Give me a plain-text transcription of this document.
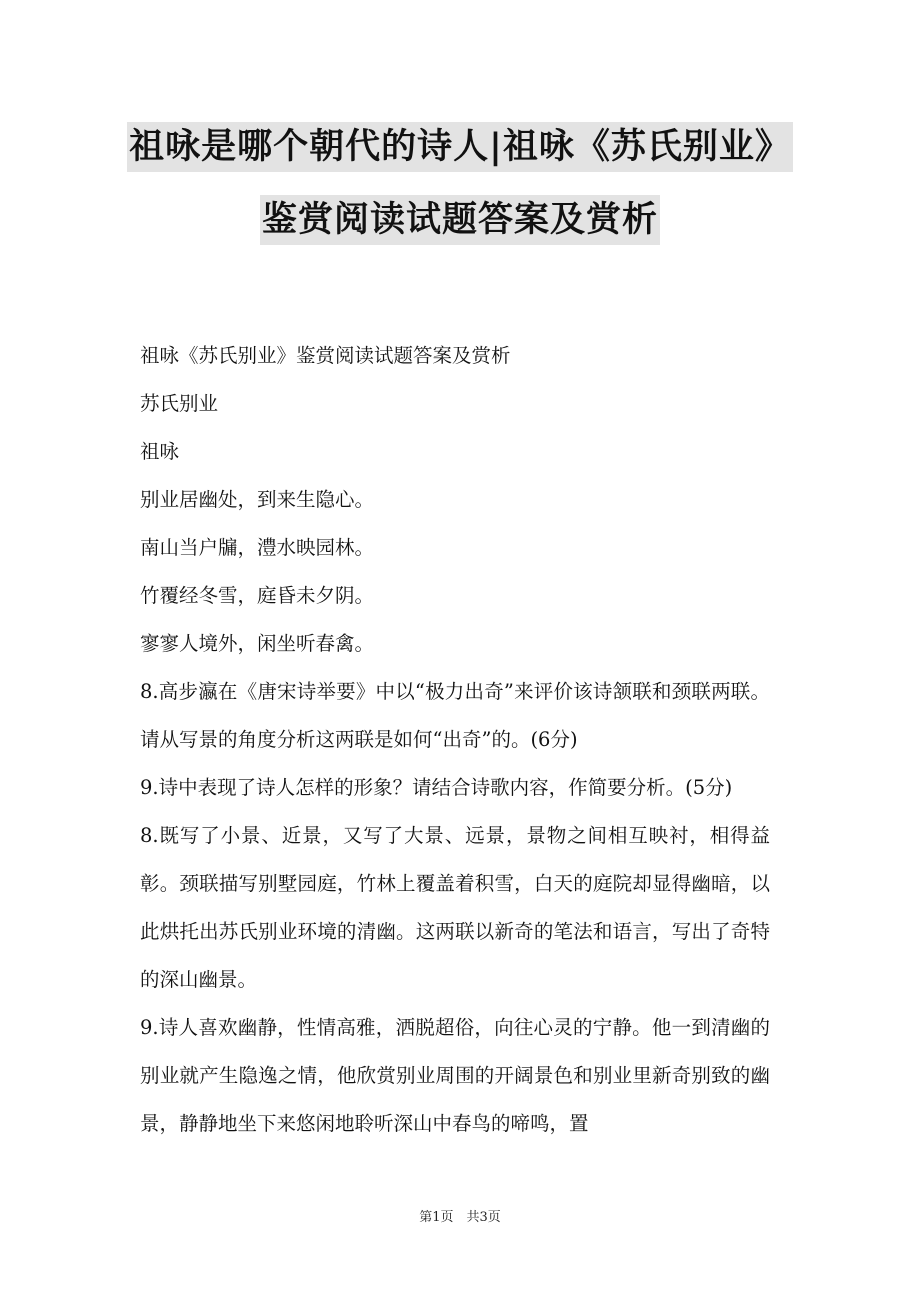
祖咏是哪个朝代的诗人|祖咏《苏氏别业》
鉴赏阅读试题答案及赏析

祖咏《苏氏别业》鉴赏阅读试题答案及赏析

苏氏别业

祖咏

别业居幽处，到来生隐心。

南山当户牖，澧水映园林。

竹覆经冬雪，庭昏未夕阴。

寥寥人境外，闲坐听春禽。

8.高步瀛在《唐宋诗举要》中以“极力出奇”来评价该诗颔联和颈联两联。请从写景的角度分析这两联是如何“出奇”的。(6分)

9.诗中表现了诗人怎样的形象？请结合诗歌内容，作简要分析。(5分)

8.既写了小景、近景，又写了大景、远景，景物之间相互映衬，相得益彰。颈联描写别墅园庭，竹林上覆盖着积雪，白天的庭院却显得幽暗，以此烘托出苏氏别业环境的清幽。这两联以新奇的笔法和语言，写出了奇特的深山幽景。

9.诗人喜欢幽静，性情高雅，洒脱超俗，向往心灵的宁静。他一到清幽的别业就产生隐逸之情，他欣赏别业周围的开阔景色和别业里新奇别致的幽景，静静地坐下来悠闲地聆听深山中春鸟的啼鸣，置

第1页　共3页
